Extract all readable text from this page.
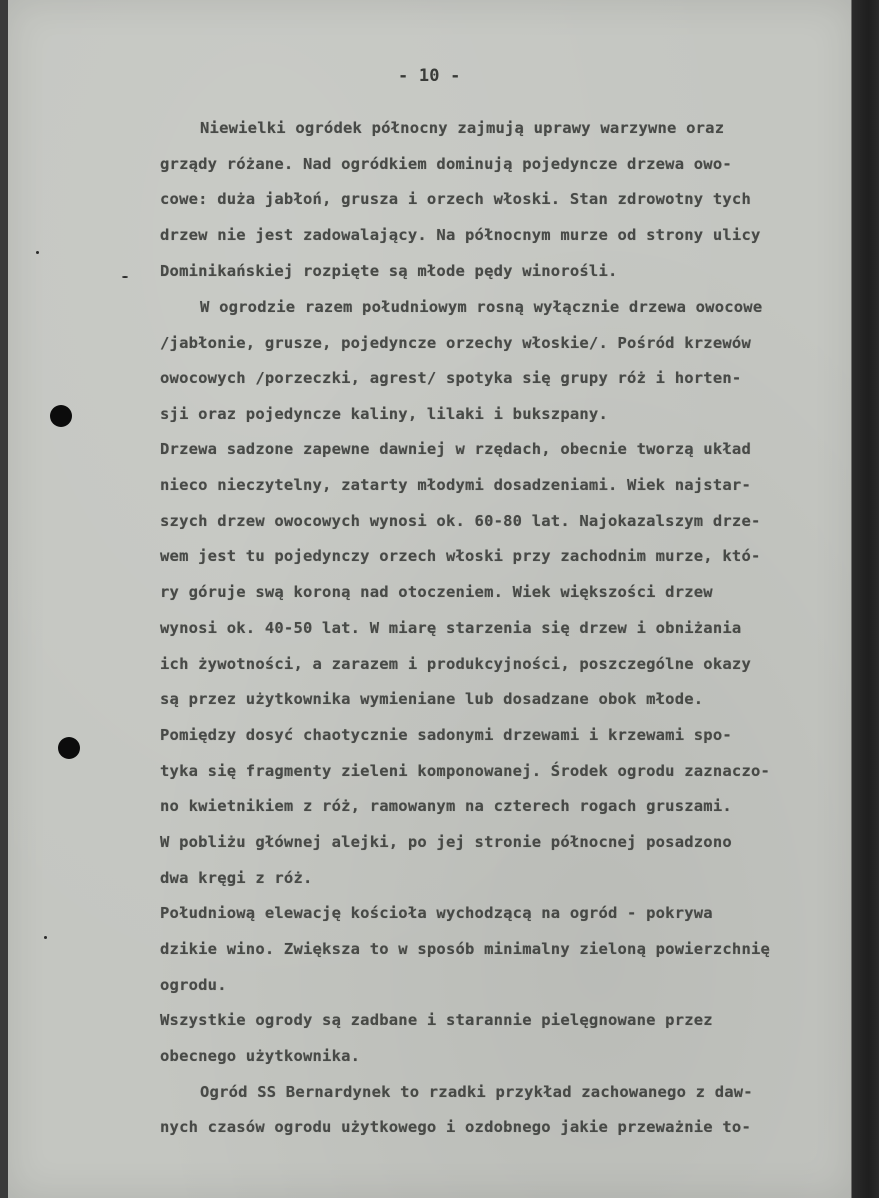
- 10 -
Niewielki ogródek północny zajmują uprawy warzywne oraz
grządy różane. Nad ogródkiem dominują pojedyncze drzewa owo-
cowe: duża jabłoń, grusza i orzech włoski. Stan zdrowotny tych
drzew nie jest zadowalający. Na północnym murze od strony ulicy
Dominikańskiej rozpięte są młode pędy winorośli.
W ogrodzie razem południowym rosną wyłącznie drzewa owocowe
/jabłonie, grusze, pojedyncze orzechy włoskie/. Pośród krzewów
owocowych /porzeczki, agrest/ spotyka się grupy róż i horten-
sji oraz pojedyncze kaliny, lilaki i bukszpany.
Drzewa sadzone zapewne dawniej w rzędach, obecnie tworzą układ
nieco nieczytelny, zatarty młodymi dosadzeniami. Wiek najstar-
szych drzew owocowych wynosi ok. 60-80 lat. Najokazalszym drze-
wem jest tu pojedynczy orzech włoski przy zachodnim murze, któ-
ry góruje swą koroną nad otoczeniem. Wiek większości drzew
wynosi ok. 40-50 lat. W miarę starzenia się drzew i obniżania
ich żywotności, a zarazem i produkcyjności, poszczególne okazy
są przez użytkownika wymieniane lub dosadzane obok młode.
Pomiędzy dosyć chaotycznie sadonymi drzewami i krzewami spo-
tyka się fragmenty zieleni komponowanej. Środek ogrodu zaznaczo-
no kwietnikiem z róż, ramowanym na czterech rogach gruszami.
W pobliżu głównej alejki, po jej stronie północnej posadzono
dwa kręgi z róż.
Południową elewację kościoła wychodzącą na ogród - pokrywa
dzikie wino. Zwiększa to w sposób minimalny zieloną powierzchnię
ogrodu.
Wszystkie ogrody są zadbane i starannie pielęgnowane przez
obecnego użytkownika.
Ogród SS Bernardynek to rzadki przykład zachowanego z daw-
nych czasów ogrodu użytkowego i ozdobnego jakie przeważnie to-
